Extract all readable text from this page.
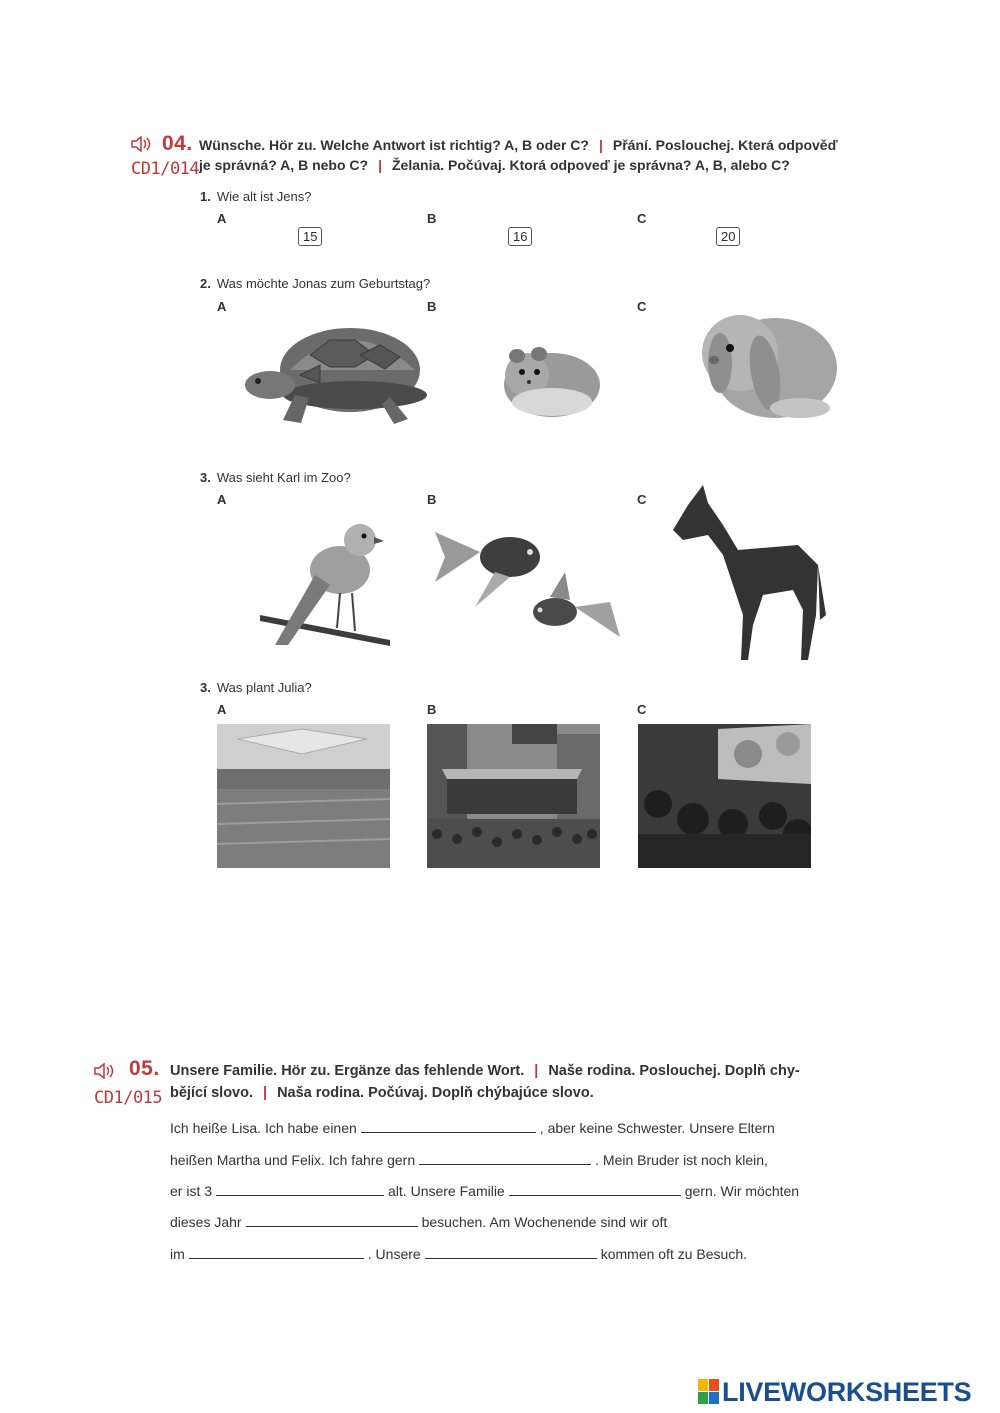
04.
CD1/014
Wünsche. Hör zu. Welche Antwort ist richtig? A, B oder C? | Přání. Poslouchej. Která odpověď
je správná? A, B nebo C? | Želania. Počúvaj. Ktorá odpoveď je správna? A, B, alebo C?
1. Wie alt ist Jens?
A	B	C
15	16	20
2. Was möchte Jonas zum Geburtstag?
A	B	C
3. Was sieht Karl im Zoo?
A	B	C
3. Was plant Julia?
A	B	C
05.
CD1/015
Unsere Familie. Hör zu. Ergänze das fehlende Wort. | Naše rodina. Poslouchej. Doplň chy-
bějící slovo. | Naša rodina. Počúvaj. Doplň chýbajúce slovo.
Ich heiße Lisa. Ich habe einen	, aber keine Schwester. Unsere Eltern
heißen Martha und Felix. Ich fahre gern	. Mein Bruder ist noch klein,
er ist 3	alt. Unsere Familie	gern. Wir möchten
dieses Jahr	besuchen. Am Wochenende sind wir oft
im	. Unsere	kommen oft zu Besuch.
LIVEWORKSHEETS
